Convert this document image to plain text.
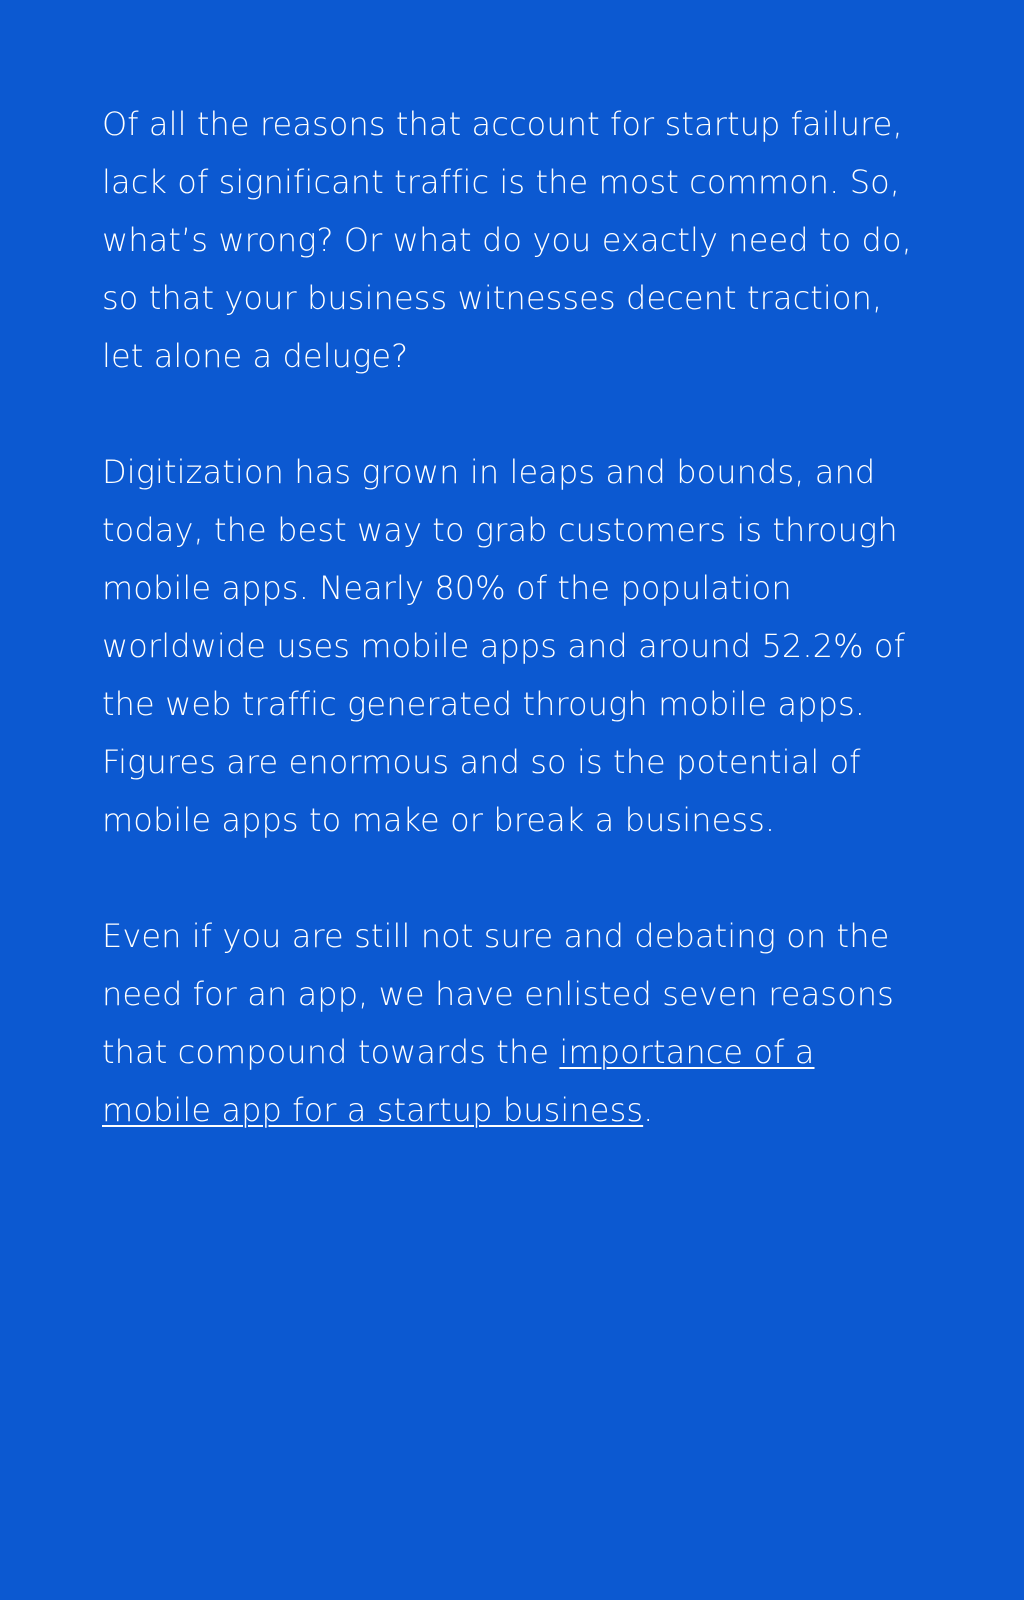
Of all the reasons that account for startup failure, lack of significant traffic is the most common. So, what’s wrong? Or what do you exactly need to do, so that your business witnesses decent traction, let alone a deluge?

Digitization has grown in leaps and bounds, and today, the best way to grab customers is through mobile apps. Nearly 80% of the population worldwide uses mobile apps and around 52.2% of the web traffic generated through mobile apps. Figures are enormous and so is the potential of mobile apps to make or break a business.

Even if you are still not sure and debating on the need for an app, we have enlisted seven reasons that compound towards the importance of a mobile app for a startup business.
